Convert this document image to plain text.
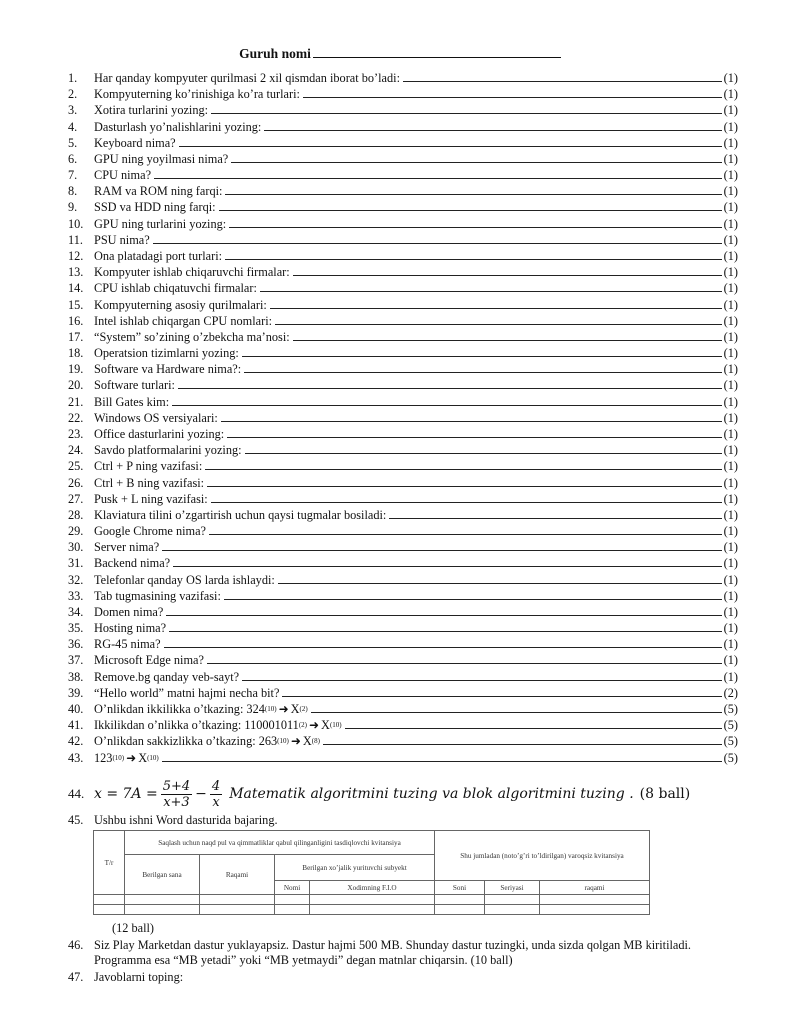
Guruh nomi
1.	Har qanday kompyuter qurilmasi 2 xil qismdan iborat bo’ladi:	(1)
2.	Kompyuterning ko’rinishiga ko’ra turlari:	(1)
3.	Xotira turlarini yozing:	(1)
4.	Dasturlash yo’nalishlarini yozing:	(1)
5.	Keyboard nima?	(1)
6.	GPU ning yoyilmasi nima?	(1)
7.	CPU nima?	(1)
8.	RAM va ROM ning farqi:	(1)
9.	SSD va HDD ning farqi:	(1)
10. GPU ning turlarini yozing:	(1)
11. PSU nima?	(1)
12. Ona platadagi port turlari:	(1)
13. Kompyuter ishlab chiqaruvchi firmalar:	(1)
14. CPU ishlab chiqatuvchi firmalar:	(1)
15. Kompyuterning asosiy qurilmalari:	(1)
16. Intel ishlab chiqargan CPU nomlari:	(1)
17. “System” so’zining o’zbekcha ma’nosi:	(1)
18. Operatsion tizimlarni yozing:	(1)
19. Software va Hardware nima?:	(1)
20. Software turlari:	(1)
21. Bill Gates kim:	(1)
22. Windows OS versiyalari:	(1)
23. Office dasturlarini yozing:	(1)
24. Savdo platformalarini yozing:	(1)
25. Ctrl + P ning vazifasi:	(1)
26. Ctrl + B ning vazifasi:	(1)
27. Pusk + L ning vazifasi:	(1)
28. Klaviatura tilini o’zgartirish uchun qaysi tugmalar bosiladi:	(1)
29. Google Chrome nima?	(1)
30. Server nima?	(1)
31. Backend nima?	(1)
32. Telefonlar qanday OS larda ishlaydi:	(1)
33. Tab tugmasining vazifasi:	(1)
34. Domen nima?	(1)
35. Hosting nima?	(1)
36. RG-45 nima?	(1)
37. Microsoft Edge nima?	(1)
38. Remove.bg qanday veb-sayt?	(1)
39. “Hello world” matni hajmi necha bit?	(2)
40. O’nlikdan ikkilikka o’tkazing: 324 (10) ➜ X (2)	(5)
41. Ikkilikdan o’nlikka o’tkazing: 110001011 (2) ➜ X (10)	(5)
42. O’nlikdan sakkizlikka o’tkazing: 263 (10) ➜ X (8)	(5)
43. 123 (10) ➜ X (10)	(5)
44. $x = 7A = \frac{5+4}{x+3} - \frac{4}{x}$ Matematik algoritmini tuzing va blok algoritmini tuzing . (8 ball)
45. Ushbu ishni Word dasturida bajaring.
T/r	Saqlash uchun naqd pul va qimmatliklar qabul qilinganligini tasdiqlovchi kvitansiya				Shu jumladan (noto’g’ri to’ldirilgan) varoqsiz kvitansiya		
	Berilgan sana	Raqami	Berilgan xo’jalik yurituvchi subyekt				
			Nomi	Xodimning F.I.O	Soni	Seriyasi	raqami

(12 ball)
46. Siz Play Marketdan dastur yuklayapsiz. Dastur hajmi 500 MB. Shunday dastur tuzingki, unda sizda qolgan MB kiritiladi.
Programma esa “MB yetadi” yoki “MB yetmaydi” degan matnlar chiqarsin. (10 ball)
47. Javoblarni toping:
